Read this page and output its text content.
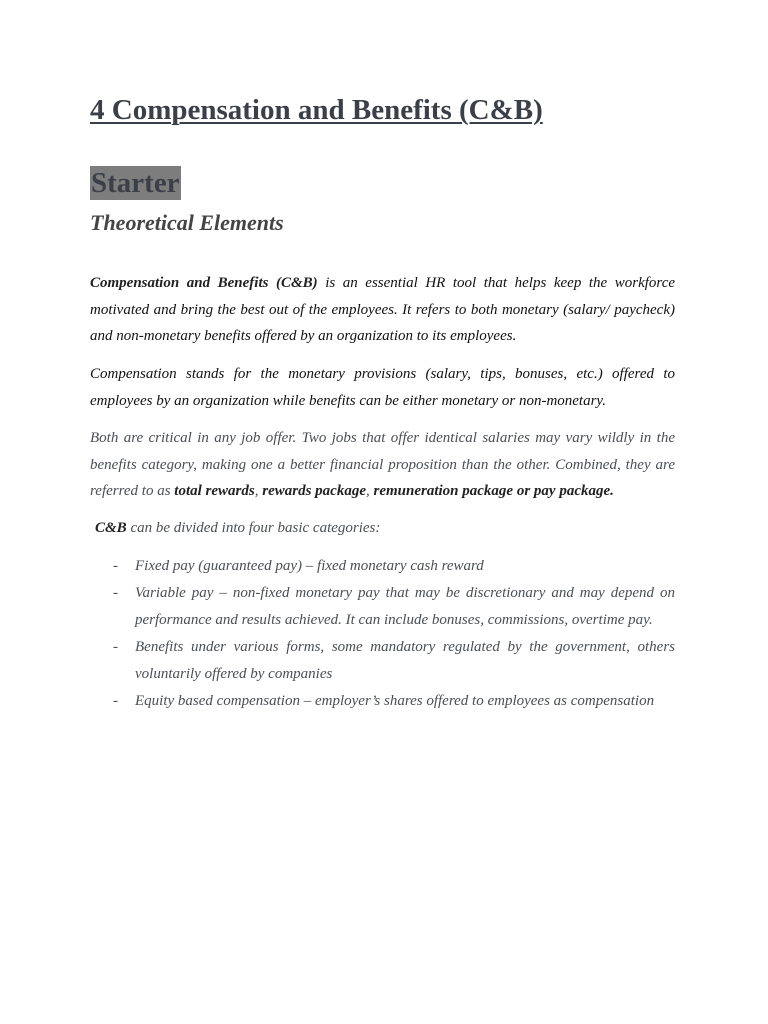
4 Compensation and Benefits (C&B)
Starter
Theoretical Elements

Compensation and Benefits (C&B) is an essential HR tool that helps keep the workforce motivated and bring the best out of the employees. It refers to both monetary (salary/ paycheck) and non-monetary benefits offered by an organization to its employees.

Compensation stands for the monetary provisions (salary, tips, bonuses, etc.) offered to employees by an organization while benefits can be either monetary or non-monetary.

Both are critical in any job offer. Two jobs that offer identical salaries may vary wildly in the benefits category, making one a better financial proposition than the other. Combined, they are referred to as total rewards, rewards package, remuneration package or pay package.

C&B can be divided into four basic categories:

- Fixed pay (guaranteed pay) – fixed monetary cash reward
- Variable pay – non-fixed monetary pay that may be discretionary and may depend on performance and results achieved. It can include bonuses, commissions, overtime pay.
- Benefits under various forms, some mandatory regulated by the government, others voluntarily offered by companies
- Equity based compensation – employer’s shares offered to employees as compensation
